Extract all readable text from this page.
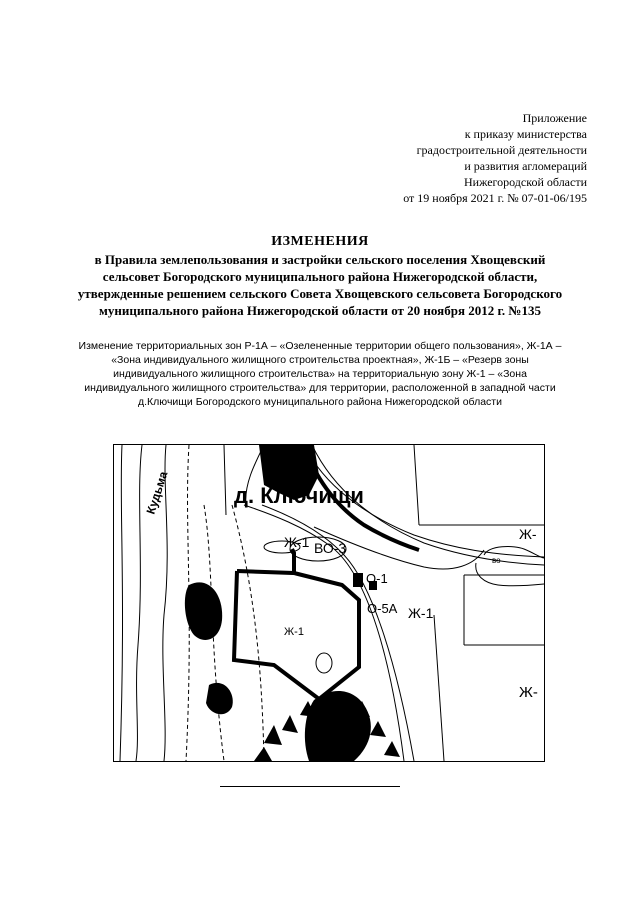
Приложение
к приказу министерства
градостроительной деятельности
и развития агломераций
Нижегородской области
от 19 ноября 2021 г. № 07-01-06/195
ИЗМЕНЕНИЯ
в Правила землепользования и застройки сельского поселения Хвощевский
сельсовет Богородского муниципального района Нижегородской области,
утвержденные решением сельского Совета Хвощевского сельсовета Богородского
муниципального района Нижегородской области от 20 ноября 2012 г. №135
Изменение территориальных зон Р-1А – «Озелененные территории общего пользования», Ж-1А –
«Зона индивидуального жилищного строительства проектная», Ж-1Б – «Резерв зоны
индивидуального жилищного строительства» на территориальную зону Ж-1 – «Зона
индивидуального жилищного строительства» для территории, расположенной в западной части
д.Ключищи Богородского муниципального района Нижегородской области
д. Ключищи
Кудьма
Ж-1 ВО-3
О-1
О-5А Ж-1
Ж-1
Ж-
во
Ж-
